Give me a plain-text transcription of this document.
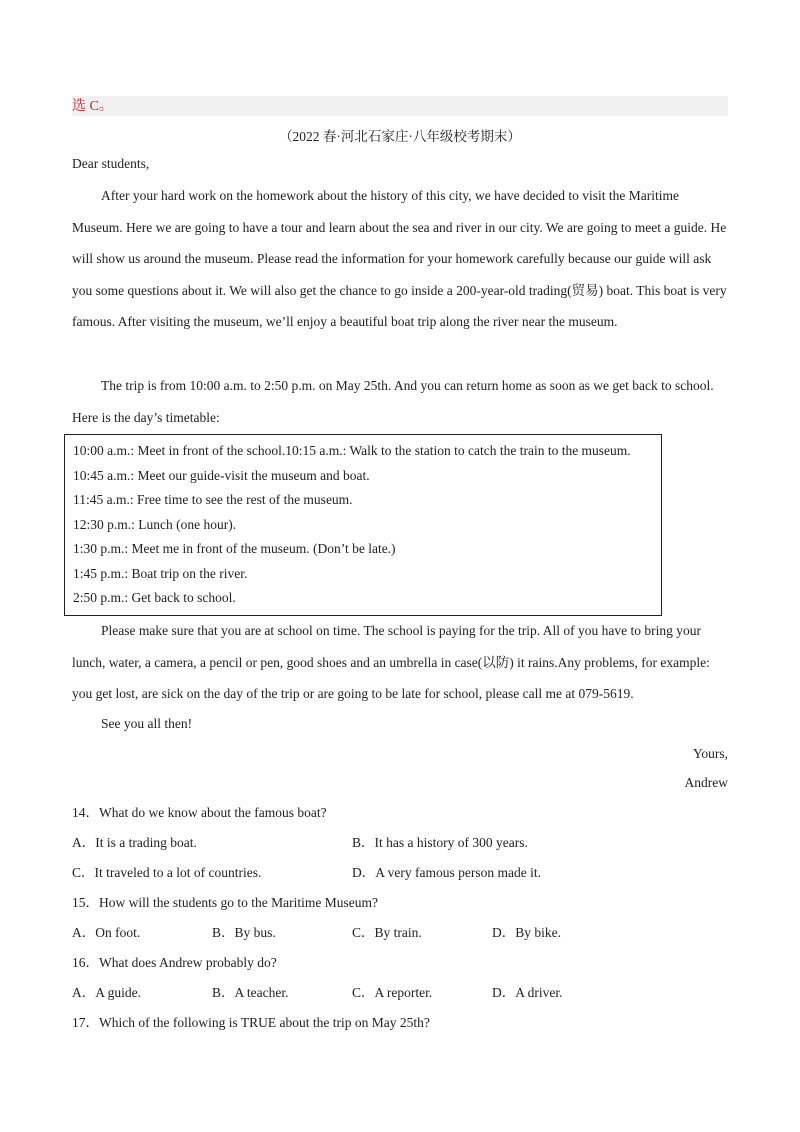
选 C。
（2022 春·河北石家庄·八年级校考期末）

Dear students,

After your hard work on the homework about the history of this city, we have decided to visit the Maritime Museum. Here we are going to have a tour and learn about the sea and river in our city. We are going to meet a guide. He will show us around the museum. Please read the information for your homework carefully because our guide will ask you some questions about it. We will also get the chance to go inside a 200-year-old trading(贸易) boat. This boat is very famous. After visiting the museum, we’ll enjoy a beautiful boat trip along the river near the museum.

The trip is from 10:00 a.m. to 2:50 p.m. on May 25th. And you can return home as soon as we get back to school. Here is the day’s timetable:

10:00 a.m.: Meet in front of the school.10:15 a.m.: Walk to the station to catch the train to the museum.
10:45 a.m.: Meet our guide-visit the museum and boat.
11:45 a.m.: Free time to see the rest of the museum.
12:30 p.m.: Lunch (one hour).
1:30 p.m.: Meet me in front of the museum. (Don’t be late.)
1:45 p.m.: Boat trip on the river.
2:50 p.m.: Get back to school.

Please make sure that you are at school on time. The school is paying for the trip. All of you have to bring your lunch, water, a camera, a pencil or pen, good shoes and an umbrella in case(以防) it rains.Any problems, for example: you get lost, are sick on the day of the trip or are going to be late for school, please call me at 079-5619.

See you all then!
Yours,
Andrew
14．What do we know about the famous boat?
A．It is a trading boat.	B．It has a history of 300 years.
C．It traveled to a lot of countries.	D．A very famous person made it.
15．How will the students go to the Maritime Museum?
A．On foot.	B．By bus.	C．By train.	D．By bike.
16．What does Andrew probably do?
A．A guide.	B．A teacher.	C．A reporter.	D．A driver.
17．Which of the following is TRUE about the trip on May 25th?
